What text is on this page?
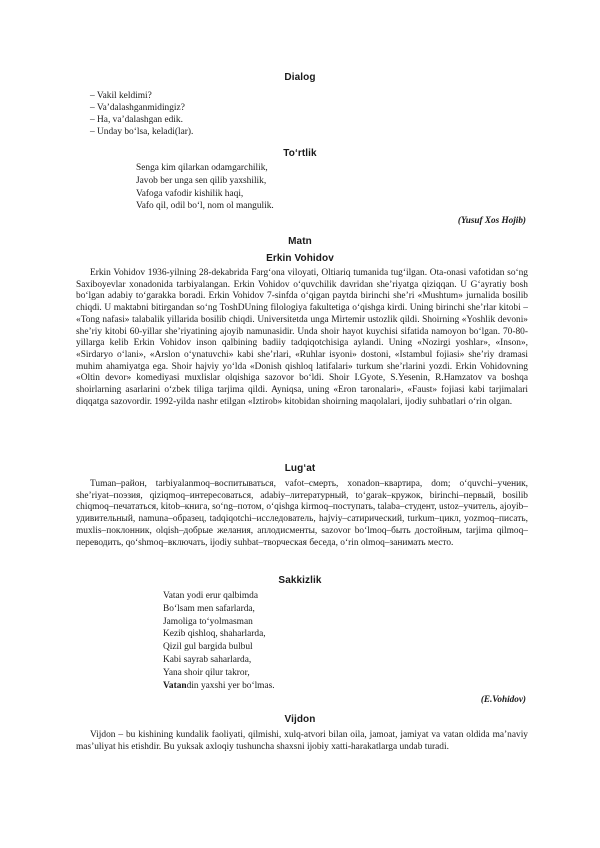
Dialog
– Vakil keldimi?
– Va’dalashganmidingiz?
– Ha, va’dalashgan edik.
– Unday bo‘lsa, keladi(lar).
To‘rtlik
Senga kim qilarkan odamgarchilik,
Javob ber unga sen qilib yaxshilik,
Vafoga vafodir kishilik haqi,
Vafo qil, odil bo‘l, nom ol mangulik.
(Yusuf Xos Hojib)
Matn
Erkin Vohidov
Erkin Vohidov 1936-yilning 28-dekabrida Farg‘ona viloyati, Oltiariq tumanida tug‘ilgan. Ota-onasi vafotidan so‘ng Saxiboyevlar xonadonida tarbiyalangan. Erkin Vohidov o‘quvchilik davridan she’riyatga qiziqqan. U G‘ayratiy bosh bo‘lgan adabiy to‘garakka boradi. Erkin Vohidov 7-sinfda o‘qigan paytda birinchi she’ri «Mushtum» jurnalida bosilib chiqdi. U maktabni bitirgandan so‘ng ToshDUning filologiya fakultetiga o‘qishga kirdi. Uning birinchi she’rlar kitobi – «Tong nafasi» talabalik yillarida bosilib chiqdi. Universitetda unga Mirtemir ustozlik qildi. Shoirning «Yoshlik devoni» she’riy kitobi 60-yillar she’riyatining ajoyib namunasidir. Unda shoir hayot kuychisi sifatida namoyon bo‘lgan. 70-80-yillarga kelib Erkin Vohidov inson qalbining badiiy tadqiqotchisiga aylandi. Uning «Nozirgi yoshlar», «Inson», «Sirdaryo o‘lani», «Arslon o‘ynatuvchi» kabi she’rlari, «Ruhlar isyoni» dostoni, «Istambul fojiasi» she’riy dramasi muhim ahamiyatga ega. Shoir hajviy yo‘lda «Donish qishloq latifalari» turkum she’rlarini yozdi. Erkin Vohidovning «Oltin devor» komediyasi muxlislar olqishiga sazovor bo‘ldi. Shoir I.Gyote, S.Yesenin, R.Hamzatov va boshqa shoirlarning asarlarini o‘zbek tiliga tarjima qildi. Ayniqsa, uning «Eron taronalari», «Faust» fojiasi kabi tarjimalari diqqatga sazovordir. 1992-yilda nashr etilgan «Iztirob» kitobidan shoirning maqolalari, ijodiy suhbatlari o‘rin olgan.
Lug‘at
Tuman–район, tarbiyalanmoq–воспитываться, vafot–смерть, xonadon–квартира, dom; o‘quvchi–ученик, she’riyat–поэзия, qiziqmoq–интересоваться, adabiy–литературный, to‘garak–кружок, birinchi–первый, bosilib chiqmoq–печататься, kitob–книга, so‘ng–потом, o‘qishga kirmoq–поступать, talaba–студент, ustoz–учитель, ajoyib–удивительный, namuna–образец, tadqiqotchi–исследователь, hajviy–сатирический, turkum–цикл, yozmoq–писать, muxlis–поклонник, olqish–добрые желания, аплодисменты, sazovor bo‘lmoq–быть достойным, tarjima qilmoq–переводить, qo‘shmoq–включать, ijodiy suhbat–творческая беседа, o‘rin olmoq–занимать место.
Sakkizlik
Vatan yodi erur qalbimda
Bo‘lsam men safarlarda,
Jamoliga to‘yolmasman
Kezib qishloq, shaharlarda,
Qizil gul bargida bulbul
Kabi sayrab saharlarda,
Yana shoir qilur takror,
Vatandin yaxshi yer bo‘lmas.
(E.Vohidov)
Vijdon
Vijdon – bu kishining kundalik faoliyati, qilmishi, xulq-atvori bilan oila, jamoat, jamiyat va vatan oldida ma’naviy mas’uliyat his etishdir. Bu yuksak axloqiy tushuncha shaxsni ijobiy xatti-harakatlarga undab turadi.
